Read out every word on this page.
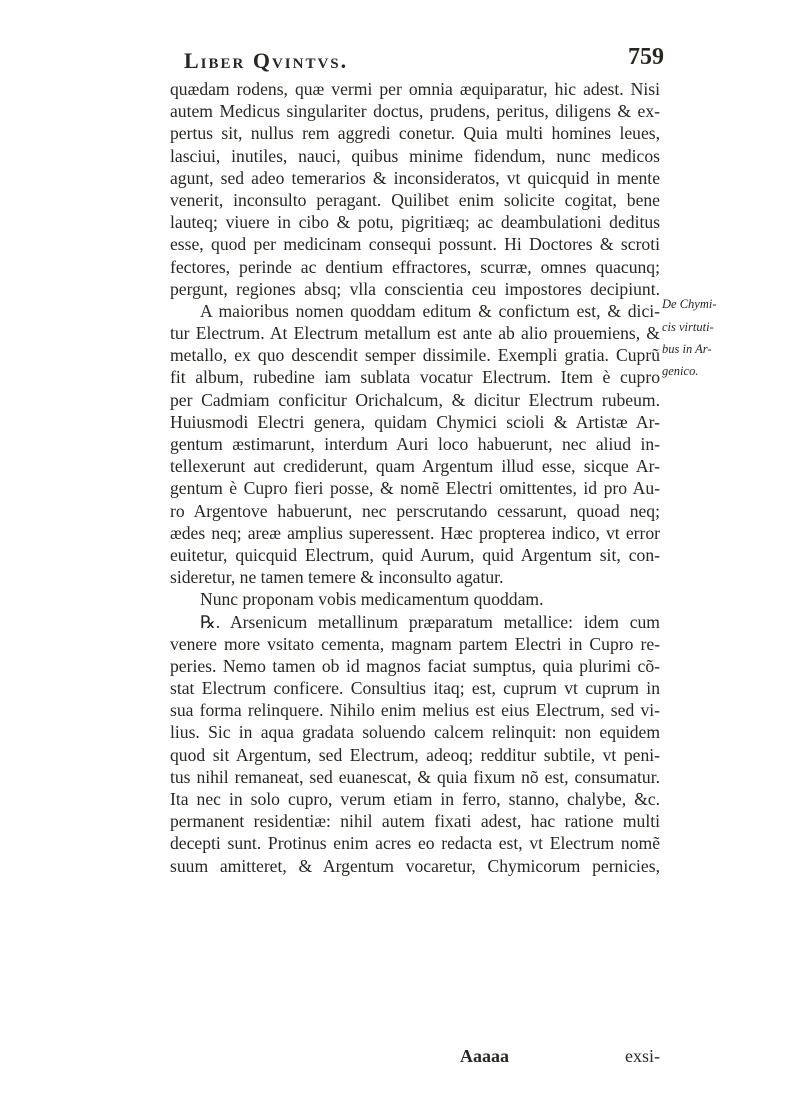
Liber Qvintvs.	759
quædam rodens, quæ vermi per omnia æquiparatur, hic adest. Nisi
autem Medicus singulariter doctus, prudens, peritus, diligens & ex-
pertus sit, nullus rem aggredi conetur. Quia multi homines leues,
lasciui, inutiles, nauci, quibus minime fidendum, nunc medicos
agunt, sed adeo temerarios & inconsideratos, vt quicquid in mente
venerit, inconsulto peragant. Quilibet enim solicite cogitat, bene
lauteq; viuere in cibo & potu, pigritiæq; ac deambulationi deditus
esse, quod per medicinam consequi possunt. Hi Doctores & scroti
fectores, perinde ac dentium effractores, scurræ, omnes quacunq;
pergunt, regiones absq; vlla conscientia ceu impostores decipiunt.
A maioribus nomen quoddam editum & confictum est, & dici-
tur Electrum. At Electrum metallum est ante ab alio prouemiens, &
metallo, ex quo descendit semper dissimile. Exempli gratia. Cuprũ
fit album, rubedine iam sublata vocatur Electrum. Item è cupro
per Cadmiam conficitur Orichalcum, & dicitur Electrum rubeum.
Huiusmodi Electri genera, quidam Chymici scioli & Artistæ Ar-
gentum æstimarunt, interdum Auri loco habuerunt, nec aliud in-
tellexerunt aut crediderunt, quam Argentum illud esse, sicque Ar-
gentum è Cupro fieri posse, & nomẽ Electri omittentes, id pro Au-
ro Argentove habuerunt, nec perscrutando cessarunt, quoad neq;
ædes neq; areæ amplius superessent. Hæc propterea indico, vt error
euitetur, quicquid Electrum, quid Aurum, quid Argentum sit, con-
sideretur, ne tamen temere & inconsulto agatur.
Nunc proponam vobis medicamentum quoddam.
℞. Arsenicum metallinum præparatum metallice: idem cum
venere more vsitato cementa, magnam partem Electri in Cupro re-
peries. Nemo tamen ob id magnos faciat sumptus, quia plurimi cõ-
stat Electrum conficere. Consultius itaq; est, cuprum vt cuprum in
sua forma relinquere. Nihilo enim melius est eius Electrum, sed vi-
lius. Sic in aqua gradata soluendo calcem relinquit: non equidem
quod sit Argentum, sed Electrum, adeoq; redditur subtile, vt peni-
tus nihil remaneat, sed euanescat, & quia fixum nõ est, consumatur.
Ita nec in solo cupro, verum etiam in ferro, stanno, chalybe, &c.
permanent residentiæ: nihil autem fixati adest, hac ratione multi
decepti sunt. Protinus enim acres eo redacta est, vt Electrum nomẽ
suum amitteret, & Argentum vocaretur, Chymicorum pernicies,
De Chymi-
cis virtuti-
bus in Ar-
genico.
Aaaaa	exsi-
